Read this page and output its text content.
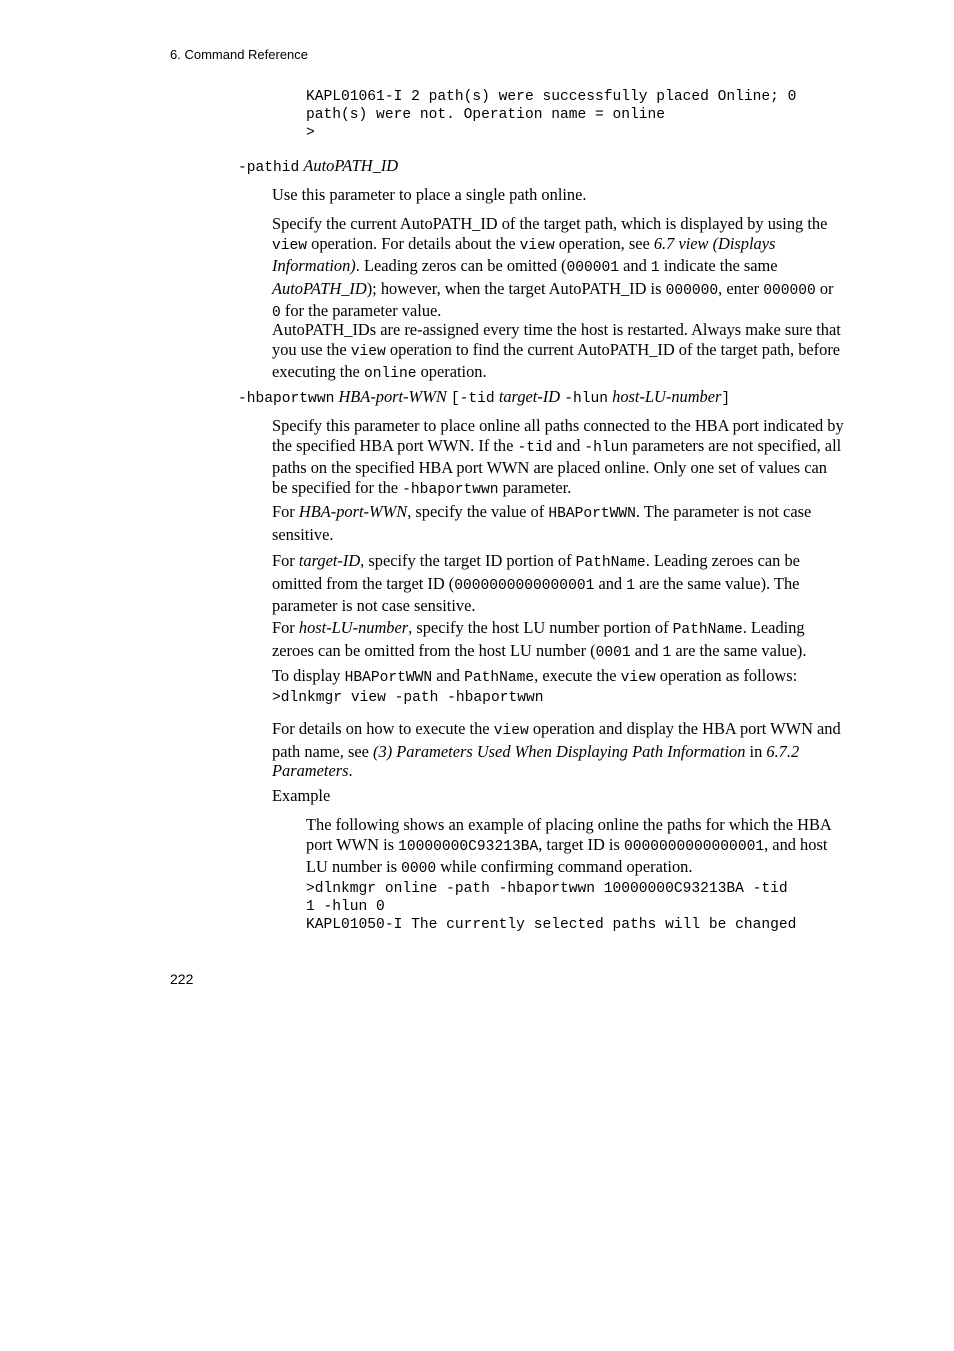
6. Command Reference
KAPL01061-I 2 path(s) were successfully placed Online; 0
path(s) were not. Operation name = online
>
-pathid AutoPATH_ID

Use this parameter to place a single path online.

Specify the current AutoPATH_ID of the target path, which is displayed by using the view operation. For details about the view operation, see 6.7 view (Displays Information). Leading zeros can be omitted (000001 and 1 indicate the same AutoPATH_ID); however, when the target AutoPATH_ID is 000000, enter 000000 or 0 for the parameter value.

AutoPATH_IDs are re-assigned every time the host is restarted. Always make sure that you use the view operation to find the current AutoPATH_ID of the target path, before executing the online operation.

-hbaportwwn HBA-port-WWN [-tid target-ID -hlun host-LU-number]

Specify this parameter to place online all paths connected to the HBA port indicated by the specified HBA port WWN. If the -tid and -hlun parameters are not specified, all paths on the specified HBA port WWN are placed online. Only one set of values can be specified for the -hbaportwwn parameter.

For HBA-port-WWN, specify the value of HBAPortWWN. The parameter is not case sensitive.

For target-ID, specify the target ID portion of PathName. Leading zeroes can be omitted from the target ID (0000000000000001 and 1 are the same value). The parameter is not case sensitive.

For host-LU-number, specify the host LU number portion of PathName. Leading zeroes can be omitted from the host LU number (0001 and 1 are the same value).

To display HBAPortWWN and PathName, execute the view operation as follows:

>dlnkmgr view -path -hbaportwwn

For details on how to execute the view operation and display the HBA port WWN and path name, see (3) Parameters Used When Displaying Path Information in 6.7.2 Parameters.

Example

The following shows an example of placing online the paths for which the HBA port WWN is 10000000C93213BA, target ID is 0000000000000001, and host LU number is 0000 while confirming command operation.

>dlnkmgr online -path -hbaportwwn 10000000C93213BA -tid
1 -hlun 0
KAPL01050-I The currently selected paths will be changed
222
